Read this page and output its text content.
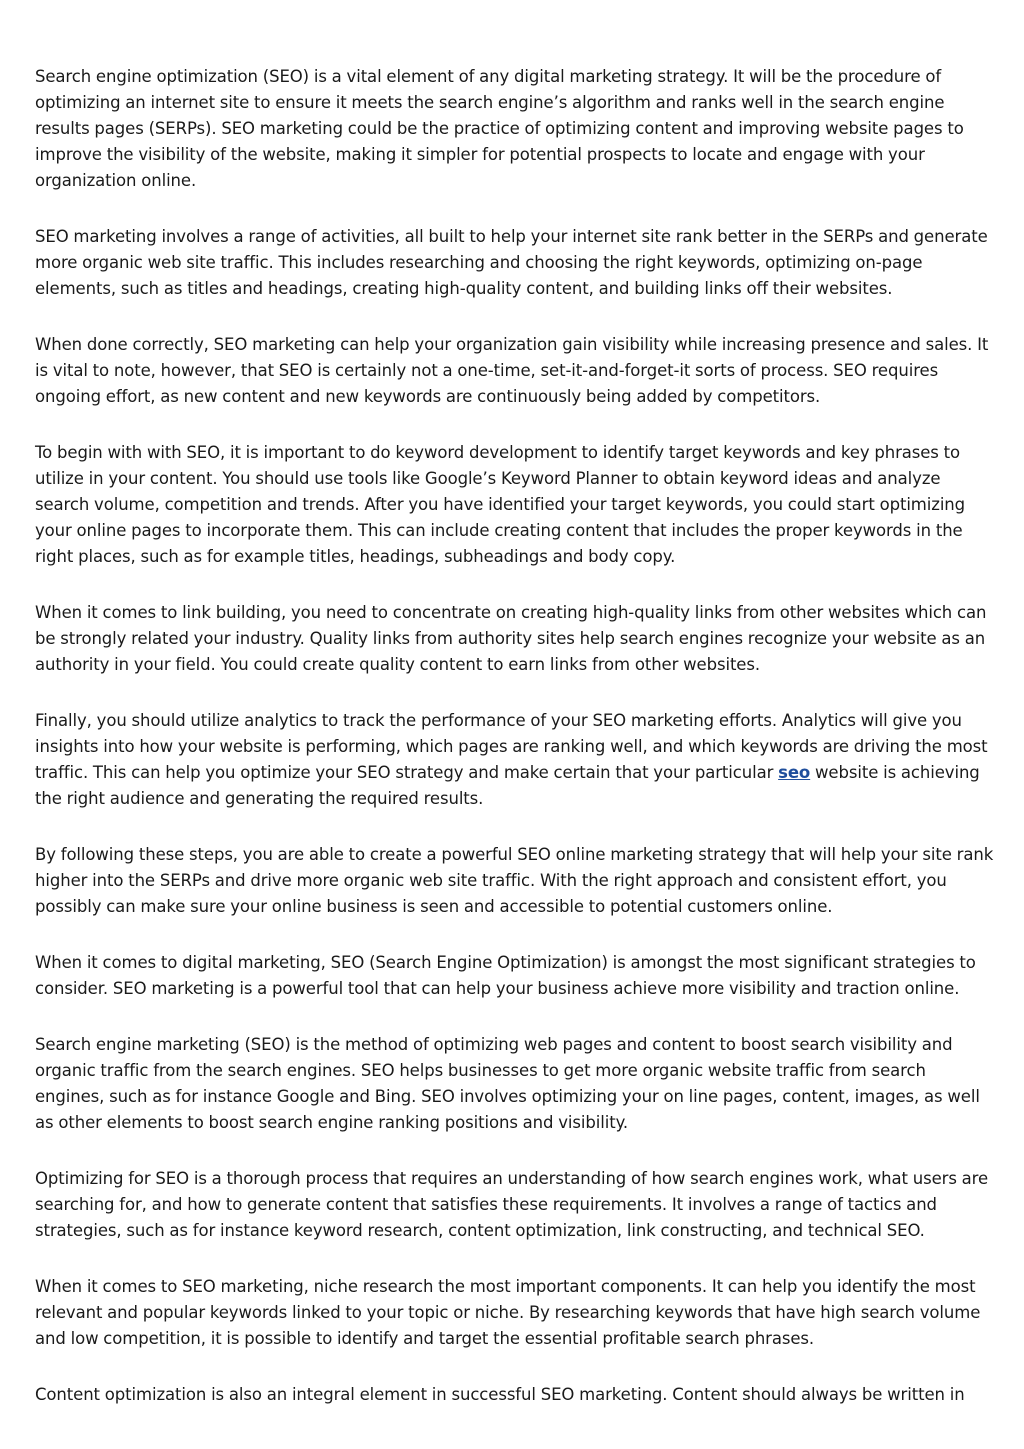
Search engine optimization (SEO) is a vital element of any digital marketing strategy. It will be the procedure of optimizing an internet site to ensure it meets the search engine’s algorithm and ranks well in the search engine results pages (SERPs). SEO marketing could be the practice of optimizing content and improving website pages to improve the visibility of the website, making it simpler for potential prospects to locate and engage with your organization online.

SEO marketing involves a range of activities, all built to help your internet site rank better in the SERPs and generate more organic web site traffic. This includes researching and choosing the right keywords, optimizing on-page elements, such as titles and headings, creating high-quality content, and building links off their websites.

When done correctly, SEO marketing can help your organization gain visibility while increasing presence and sales. It is vital to note, however, that SEO is certainly not a one-time, set-it-and-forget-it sorts of process. SEO requires ongoing effort, as new content and new keywords are continuously being added by competitors.

To begin with with SEO, it is important to do keyword development to identify target keywords and key phrases to utilize in your content. You should use tools like Google’s Keyword Planner to obtain keyword ideas and analyze search volume, competition and trends. After you have identified your target keywords, you could start optimizing your online pages to incorporate them. This can include creating content that includes the proper keywords in the right places, such as for example titles, headings, subheadings and body copy.

When it comes to link building, you need to concentrate on creating high-quality links from other websites which can be strongly related your industry. Quality links from authority sites help search engines recognize your website as an authority in your field. You could create quality content to earn links from other websites.

Finally, you should utilize analytics to track the performance of your SEO marketing efforts. Analytics will give you insights into how your website is performing, which pages are ranking well, and which keywords are driving the most traffic. This can help you optimize your SEO strategy and make certain that your particular seo website is achieving the right audience and generating the required results.

By following these steps, you are able to create a powerful SEO online marketing strategy that will help your site rank higher into the SERPs and drive more organic web site traffic. With the right approach and consistent effort, you possibly can make sure your online business is seen and accessible to potential customers online.

When it comes to digital marketing, SEO (Search Engine Optimization) is amongst the most significant strategies to consider. SEO marketing is a powerful tool that can help your business achieve more visibility and traction online.

Search engine marketing (SEO) is the method of optimizing web pages and content to boost search visibility and organic traffic from the search engines. SEO helps businesses to get more organic website traffic from search engines, such as for instance Google and Bing. SEO involves optimizing your on line pages, content, images, as well as other elements to boost search engine ranking positions and visibility.

Optimizing for SEO is a thorough process that requires an understanding of how search engines work, what users are searching for, and how to generate content that satisfies these requirements. It involves a range of tactics and strategies, such as for instance keyword research, content optimization, link constructing, and technical SEO.

When it comes to SEO marketing, niche research the most important components. It can help you identify the most relevant and popular keywords linked to your topic or niche. By researching keywords that have high search volume and low competition, it is possible to identify and target the essential profitable search phrases.

Content optimization is also an integral element in successful SEO marketing. Content should always be written in
